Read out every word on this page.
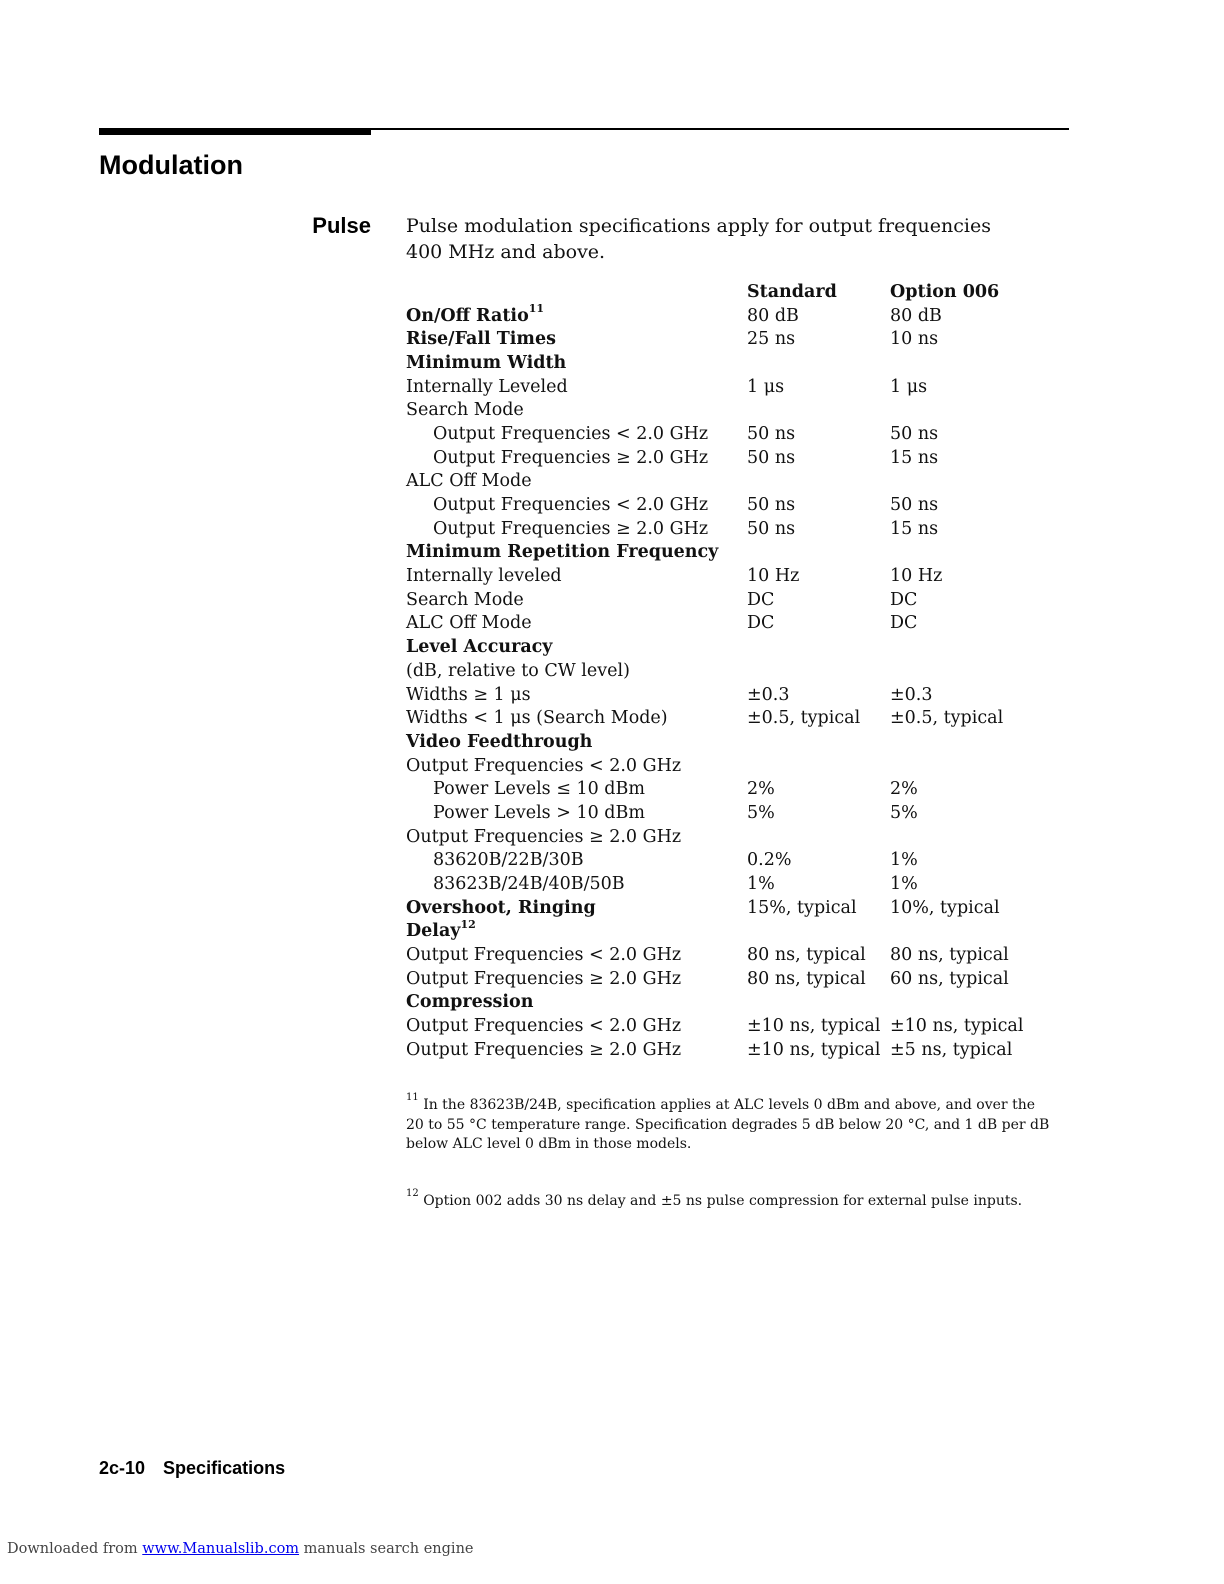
Modulation
Pulse Pulse modulation specifications apply for output frequencies 400 MHz and above.

	Standard	Option 006
On/Off Ratio$^{11}$	80 dB	80 dB
Rise/Fall Times	25 ns	10 ns
Minimum Width		
Internally Leveled	1 μs	1 μs
Search Mode		
Output Frequencies < 2.0 GHz	50 ns	50 ns
Output Frequencies ≥ 2.0 GHz	50 ns	15 ns
ALC Off Mode		
Output Frequencies < 2.0 GHz	50 ns	50 ns
Output Frequencies ≥ 2.0 GHz	50 ns	15 ns
Minimum Repetition Frequency		
Internally leveled	10 Hz	10 Hz
Search Mode	DC	DC
ALC Off Mode	DC	DC
Level Accuracy		
(dB, relative to CW level)		
Widths ≥ 1 μs	±0.3	±0.3
Widths < 1 μs (Search Mode)	±0.5, typical	±0.5, typical
Video Feedthrough		
Output Frequencies < 2.0 GHz		
Power Levels ≤ 10 dBm	2%	2%
Power Levels > 10 dBm	5%	5%
Output Frequencies ≥ 2.0 GHz		
83620B/22B/30B	0.2%	1%
83623B/24B/40B/50B	1%	1%
Overshoot, Ringing	15%, typical	10%, typical
Delay$^{12}$		
Output Frequencies < 2.0 GHz	80 ns, typical	80 ns, typical
Output Frequencies ≥ 2.0 GHz	80 ns, typical	60 ns, typical
Compression		
Output Frequencies < 2.0 GHz	±10 ns, typical	±10 ns, typical
Output Frequencies ≥ 2.0 GHz	±10 ns, typical	±5 ns, typical

$^{11}$ In the 83623B/24B, specification applies at ALC levels 0 dBm and above, and over the 20 to 55 °C temperature range. Specification degrades 5 dB below 20 °C, and 1 dB per dB below ALC level 0 dBm in those models.

$^{12}$ Option 002 adds 30 ns delay and ±5 ns pulse compression for external pulse inputs.

2c-10 Specifications
Downloaded from www.Manualslib.com manuals search engine
